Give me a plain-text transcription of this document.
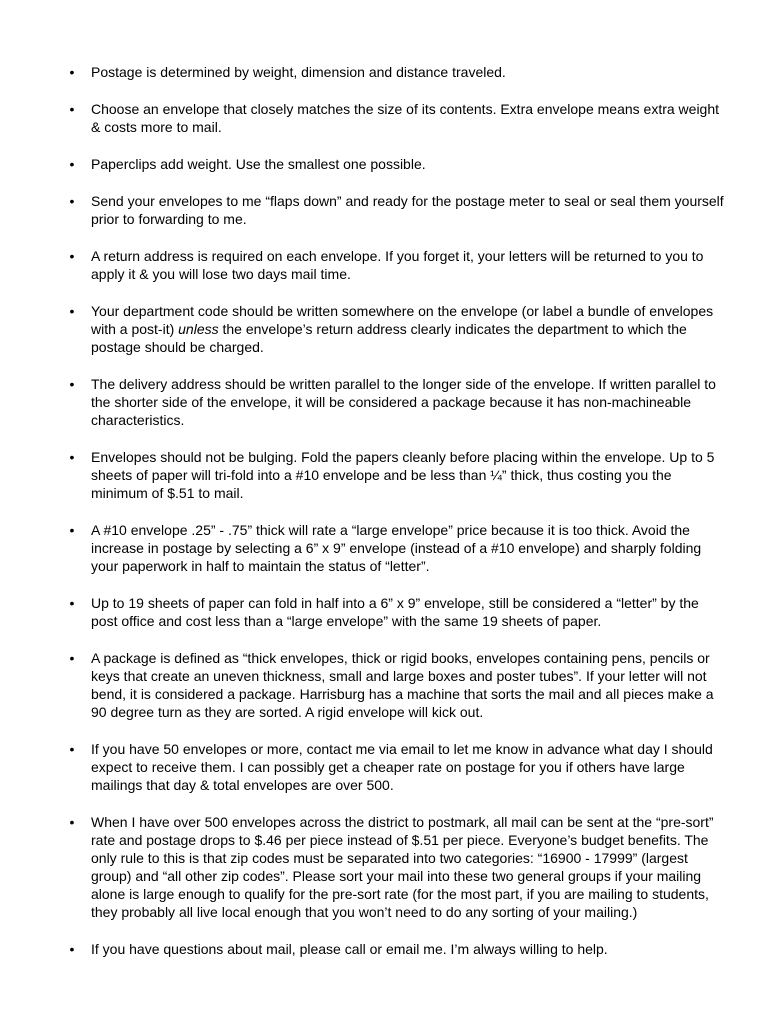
• Postage is determined by weight, dimension and distance traveled.
• Choose an envelope that closely matches the size of its contents. Extra envelope means extra weight & costs more to mail.
• Paperclips add weight. Use the smallest one possible.
• Send your envelopes to me “flaps down” and ready for the postage meter to seal or seal them yourself prior to forwarding to me.
• A return address is required on each envelope. If you forget it, your letters will be returned to you to apply it & you will lose two days mail time.
• Your department code should be written somewhere on the envelope (or label a bundle of envelopes with a post-it) unless the envelope’s return address clearly indicates the department to which the postage should be charged.
• The delivery address should be written parallel to the longer side of the envelope. If written parallel to the shorter side of the envelope, it will be considered a package because it has non-machineable characteristics.
• Envelopes should not be bulging. Fold the papers cleanly before placing within the envelope. Up to 5 sheets of paper will tri-fold into a #10 envelope and be less than ¼” thick, thus costing you the minimum of $.51 to mail.
• A #10 envelope .25” - .75” thick will rate a “large envelope” price because it is too thick. Avoid the increase in postage by selecting a 6” x 9” envelope (instead of a #10 envelope) and sharply folding your paperwork in half to maintain the status of “letter”.
• Up to 19 sheets of paper can fold in half into a 6” x 9” envelope, still be considered a “letter” by the post office and cost less than a “large envelope” with the same 19 sheets of paper.
• A package is defined as “thick envelopes, thick or rigid books, envelopes containing pens, pencils or keys that create an uneven thickness, small and large boxes and poster tubes”. If your letter will not bend, it is considered a package. Harrisburg has a machine that sorts the mail and all pieces make a 90 degree turn as they are sorted. A rigid envelope will kick out.
• If you have 50 envelopes or more, contact me via email to let me know in advance what day I should expect to receive them. I can possibly get a cheaper rate on postage for you if others have large mailings that day & total envelopes are over 500.
• When I have over 500 envelopes across the district to postmark, all mail can be sent at the “pre-sort” rate and postage drops to $.46 per piece instead of $.51 per piece. Everyone’s budget benefits. The only rule to this is that zip codes must be separated into two categories: “16900 - 17999” (largest group) and “all other zip codes”. Please sort your mail into these two general groups if your mailing alone is large enough to qualify for the pre-sort rate (for the most part, if you are mailing to students, they probably all live local enough that you won’t need to do any sorting of your mailing.)
• If you have questions about mail, please call or email me. I’m always willing to help.
